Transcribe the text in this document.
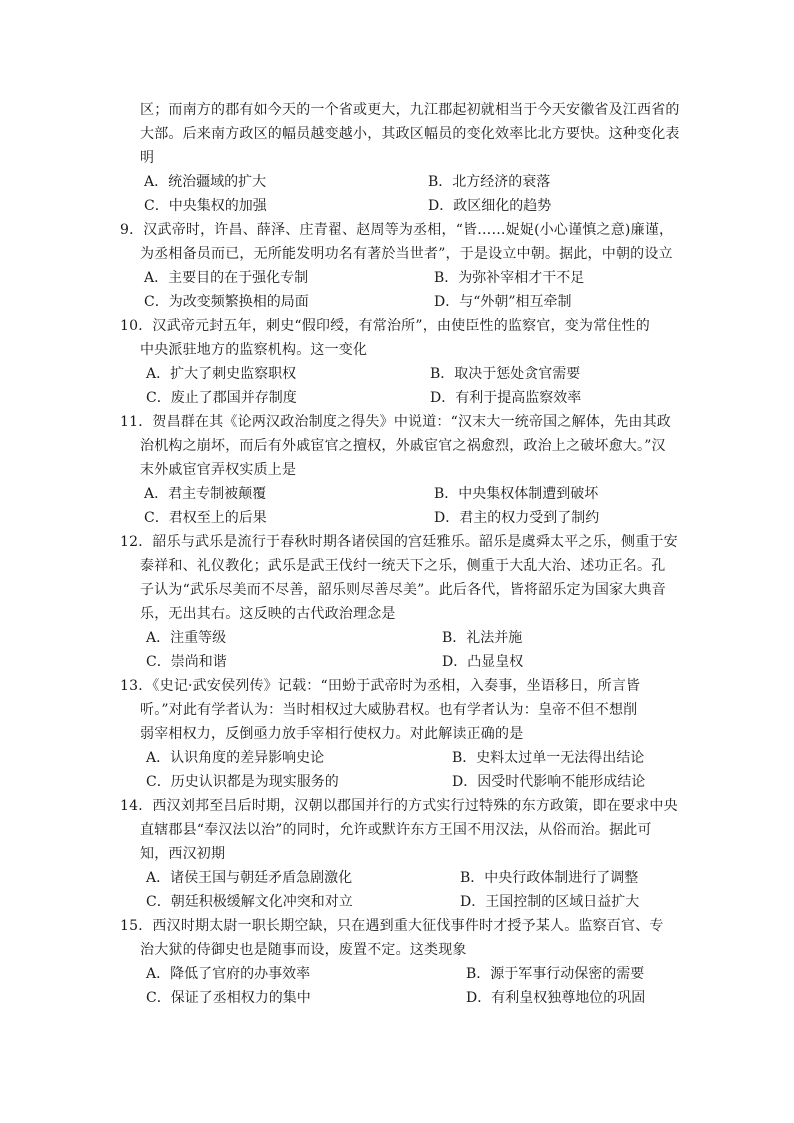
区；而南方的郡有如今天的一个省或更大，九江郡起初就相当于今天安徽省及江西省的
大部。后来南方政区的幅员越变越小，其政区幅员的变化效率比北方要快。这种变化表
明
A．统治疆域的扩大	B．北方经济的衰落
C．中央集权的加强	D．政区细化的趋势
9．汉武帝时，许昌、薛泽、庄青翟、赵周等为丞相，“皆……娖娖(小心谨慎之意)廉谨，
为丞相备员而已，无所能发明功名有著於当世者”，于是设立中朝。据此，中朝的设立
A．主要目的在于强化专制	B．为弥补宰相才干不足
C．为改变频繁换相的局面	D．与“外朝”相互牵制
10．汉武帝元封五年，刺史“假印绶，有常治所”，由使臣性的监察官，变为常住性的
中央派驻地方的监察机构。这一变化
A．扩大了刺史监察职权	B．取决于惩处贪官需要
C．废止了郡国并存制度	D．有利于提高监察效率
11．贺昌群在其《论两汉政治制度之得失》中说道：“汉末大一统帝国之解体，先由其政
治机构之崩坏，而后有外戚宦官之擅权，外戚宦官之祸愈烈，政治上之破坏愈大。”汉
末外戚宦官弄权实质上是
A．君主专制被颠覆	B．中央集权体制遭到破坏
C．君权至上的后果	D．君主的权力受到了制约
12．韶乐与武乐是流行于春秋时期各诸侯国的宫廷雅乐。韶乐是虞舜太平之乐，侧重于安
泰祥和、礼仪教化；武乐是武王伐纣一统天下之乐，侧重于大乱大治、述功正名。孔
子认为“武乐尽美而不尽善，韶乐则尽善尽美”。此后各代，皆将韶乐定为国家大典音
乐，无出其右。这反映的古代政治理念是
A．注重等级	B．礼法并施
C．崇尚和谐	D．凸显皇权
13．《史记·武安侯列传》记载：“田蚡于武帝时为丞相，入奏事，坐语移日，所言皆
听。”对此有学者认为：当时相权过大威胁君权。也有学者认为：皇帝不但不想削
弱宰相权力，反倒亟力放手宰相行使权力。对此解读正确的是
A．认识角度的差异影响史论	B．史料太过单一无法得出结论
C．历史认识都是为现实服务的	D．因受时代影响不能形成结论
14．西汉刘邦至吕后时期，汉朝以郡国并行的方式实行过特殊的东方政策，即在要求中央
直辖郡县“奉汉法以治”的同时，允许或默许东方王国不用汉法，从俗而治。据此可
知，西汉初期
A．诸侯王国与朝廷矛盾急剧激化	B．中央行政体制进行了调整
C．朝廷积极缓解文化冲突和对立	D．王国控制的区域日益扩大
15．西汉时期太尉一职长期空缺，只在遇到重大征伐事件时才授予某人。监察百官、专
治大狱的侍御史也是随事而设，废置不定。这类现象
A．降低了官府的办事效率	B．源于军事行动保密的需要
C．保证了丞相权力的集中	D．有利皇权独尊地位的巩固
